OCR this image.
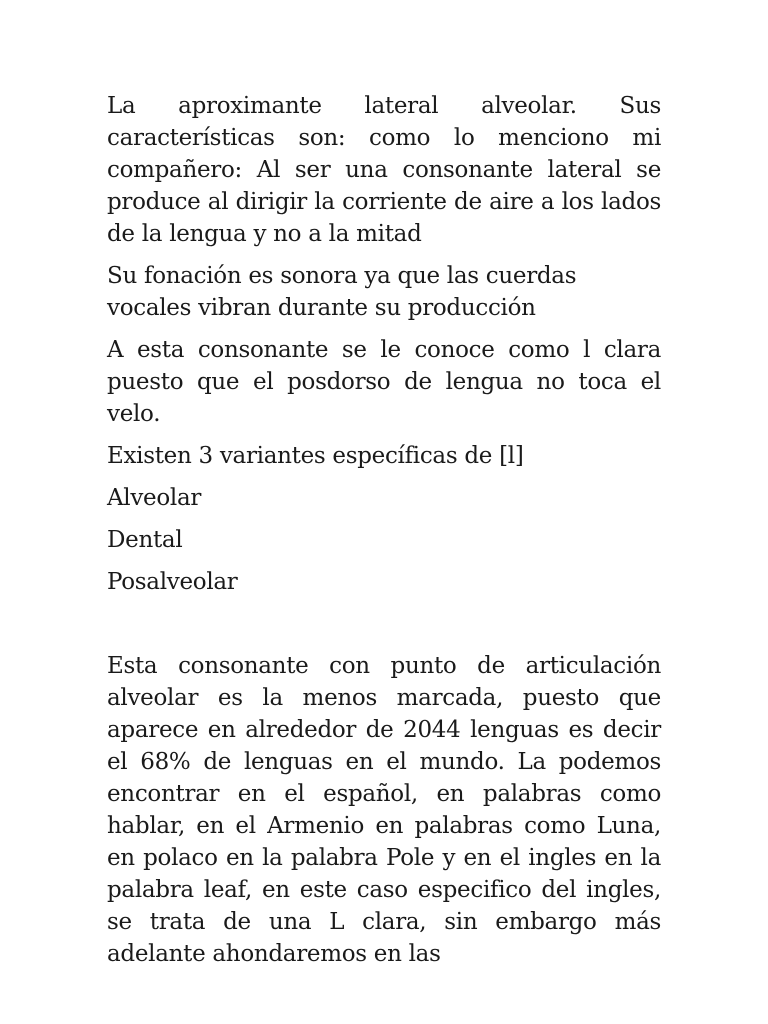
La aproximante lateral alveolar. Sus características son: como lo menciono mi compañero: Al ser una consonante lateral se produce al dirigir la corriente de aire a los lados de la lengua y no a la mitad

Su fonación es sonora ya que las cuerdas vocales vibran durante su producción

A esta consonante se le conoce como l clara puesto que el posdorso de lengua no toca el velo.

Existen 3 variantes específicas de [l]

Alveolar

Dental

Posalveolar

Esta consonante con punto de articulación alveolar es la menos marcada, puesto que aparece en alrededor de 2044 lenguas es decir el 68% de lenguas en el mundo. La podemos encontrar en el español, en palabras como hablar, en el Armenio en palabras como Luna, en polaco en la palabra Pole y en el ingles en la palabra leaf, en este caso especifico del ingles, se trata de una L clara, sin embargo más adelante ahondaremos en las
